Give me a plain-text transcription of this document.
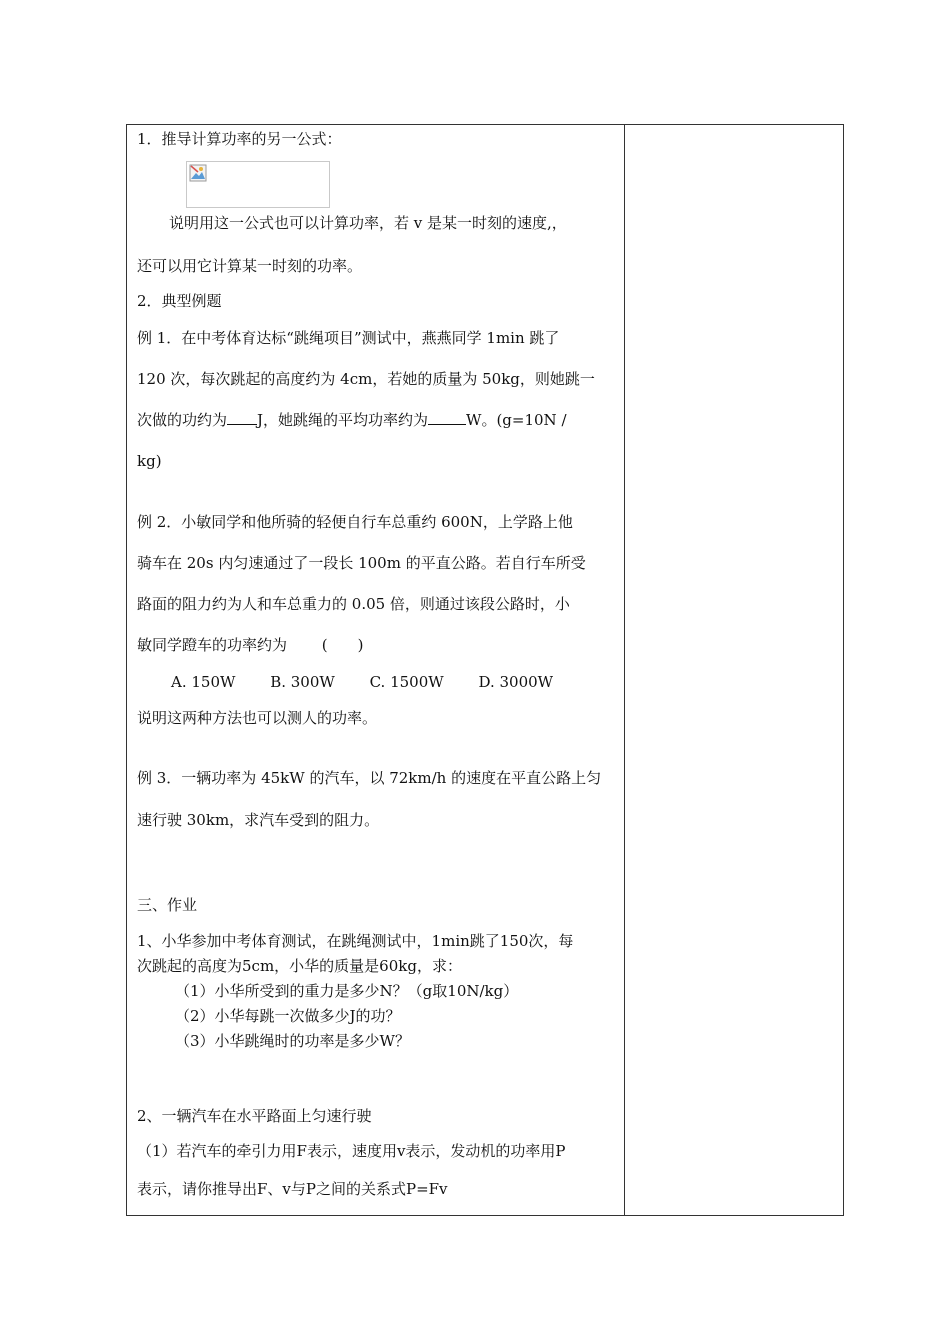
1．推导计算功率的另一公式：
说明用这一公式也可以计算功率，若 v 是某一时刻的速度,，
还可以用它计算某一时刻的功率。
2．典型例题
例 1．在中考体育达标“跳绳项目”测试中，燕燕同学 1min 跳了
120 次，每次跳起的高度约为 4cm，若她的质量为 50kg，则她跳一
次做的功约为 J，她跳绳的平均功率约为	W。(g=10N /
kg)
例 2．小敏同学和他所骑的轻便自行车总重约 600N，上学路上他
骑车在 20s 内匀速通过了一段长 100m 的平直公路。若自行车所受
路面的阻力约为人和车总重力的 0.05 倍，则通过该段公路时，小
敏同学蹬车的功率约为　　 (　　)
A. 150W B. 300W C. 1500W D. 3000W
说明这两种方法也可以测人的功率。
例 3．一辆功率为 45kW 的汽车，以 72km/h 的速度在平直公路上匀
速行驶 30km，求汽车受到的阻力。
三、作业
1、小华参加中考体育测试，在跳绳测试中，1min跳了150次，每
次跳起的高度为5cm，小华的质量是60kg，求：
（1）小华所受到的重力是多少N？（g取10N/kg）
（2）小华每跳一次做多少J的功？
（3）小华跳绳时的功率是多少W？
2、一辆汽车在水平路面上匀速行驶
（1）若汽车的牵引力用F表示，速度用v表示，发动机的功率用P
表示，请你推导出F、v与P之间的关系式P=Fv
